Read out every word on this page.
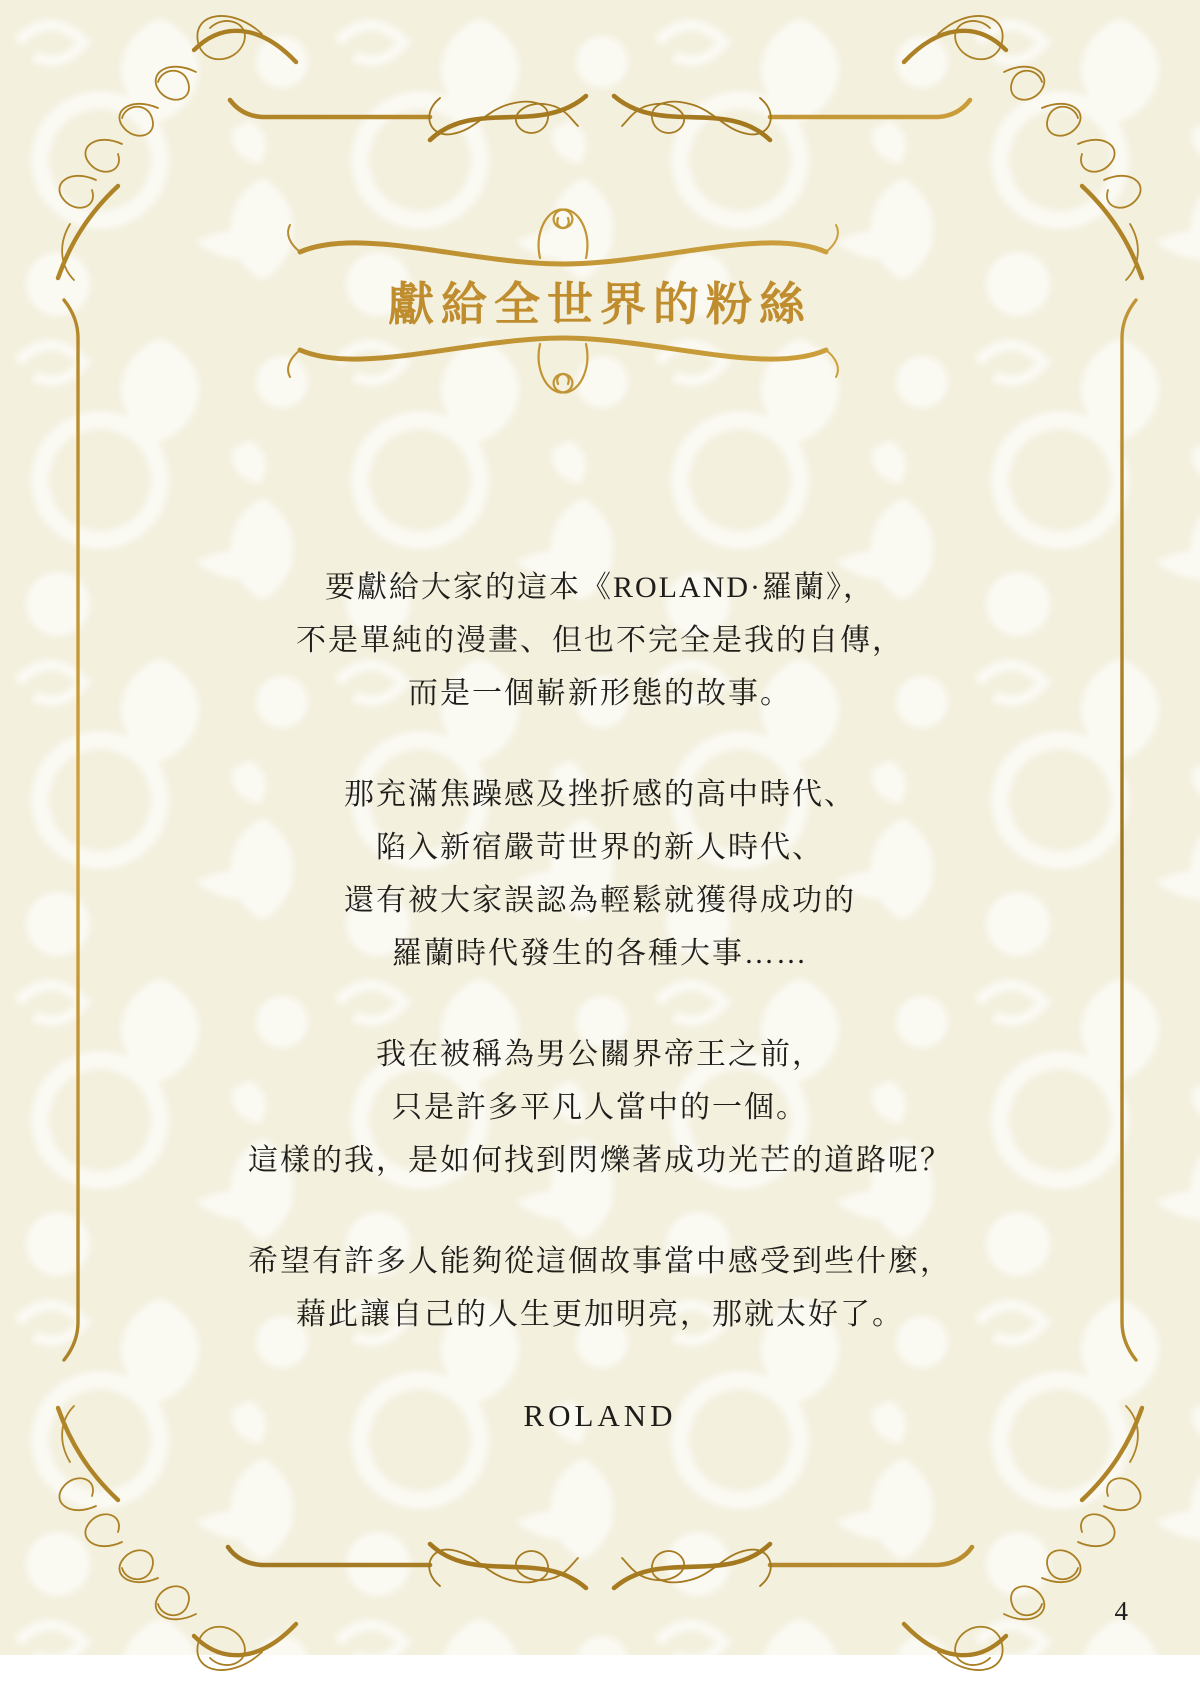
獻給全世界的粉絲

要獻給大家的這本《ROLAND·羅蘭》，
不是單純的漫畫、但也不完全是我的自傳，
而是一個嶄新形態的故事。

那充滿焦躁感及挫折感的高中時代、
陷入新宿嚴苛世界的新人時代、
還有被大家誤認為輕鬆就獲得成功的
羅蘭時代發生的各種大事……

我在被稱為男公關界帝王之前，
只是許多平凡人當中的一個。
這樣的我，是如何找到閃爍著成功光芒的道路呢？

希望有許多人能夠從這個故事當中感受到些什麼，
藉此讓自己的人生更加明亮，那就太好了。

ROLAND

4
